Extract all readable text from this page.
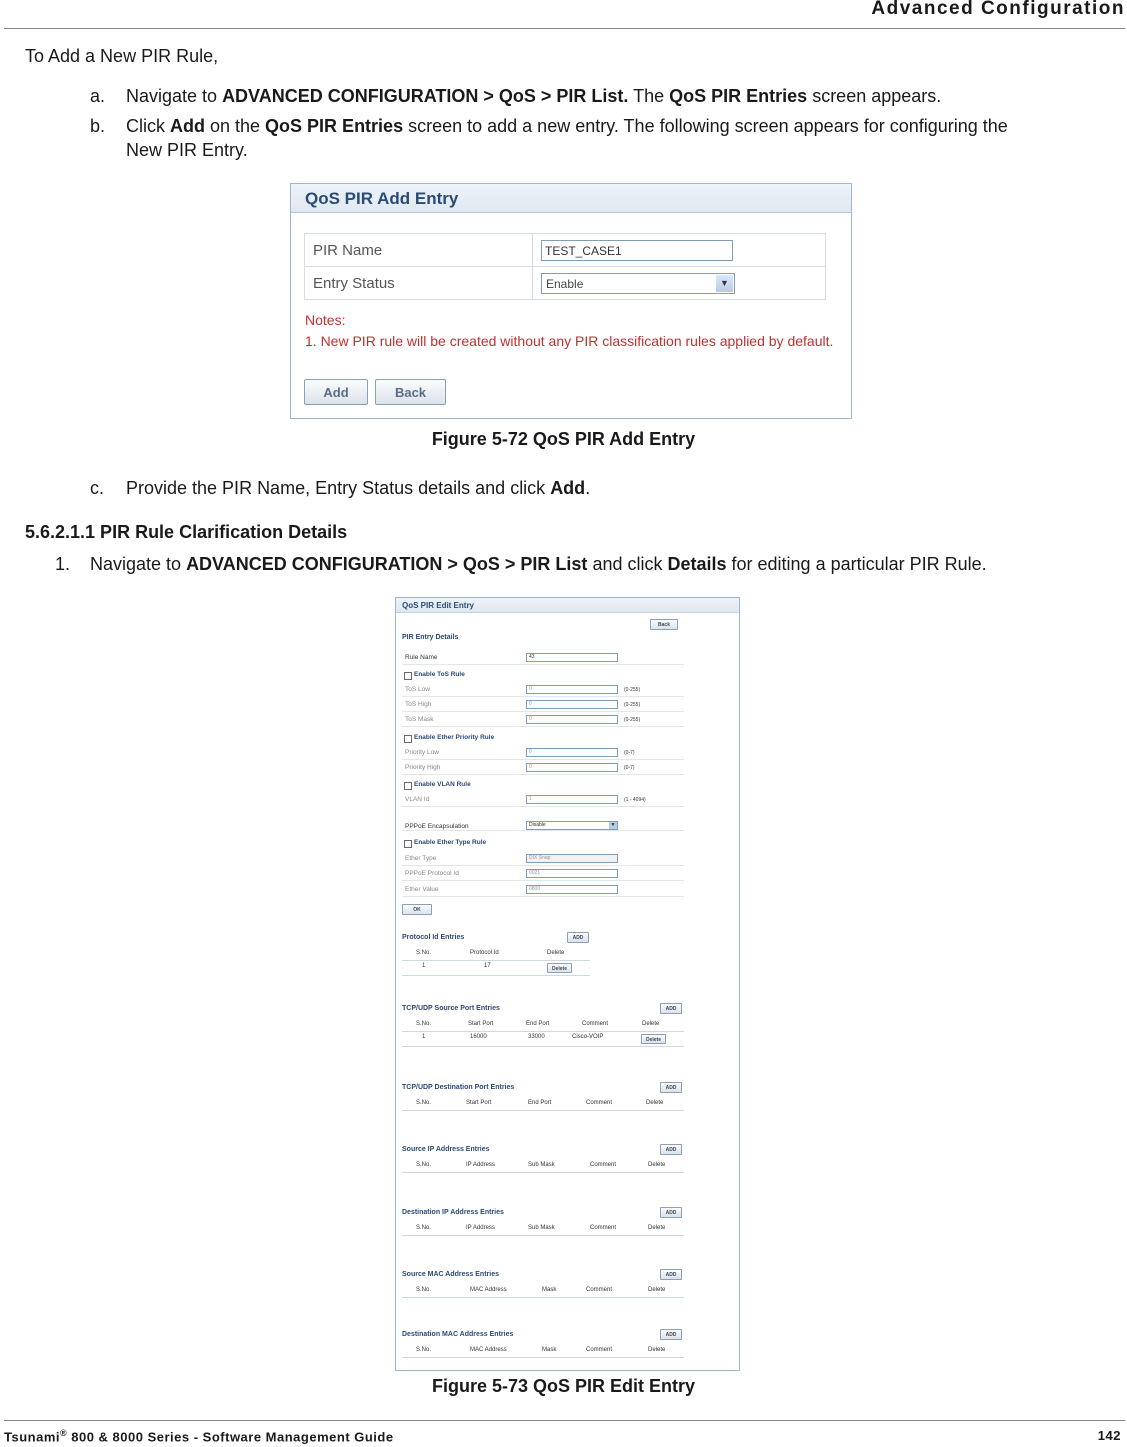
Advanced Configuration
To Add a New PIR Rule,
a. Navigate to ADVANCED CONFIGURATION > QoS > PIR List. The QoS PIR Entries screen appears.
b. Click Add on the QoS PIR Entries screen to add a new entry. The following screen appears for configuring the
New PIR Entry.
QoS PIR Add Entry
PIR Name	TEST_CASE1
Entry Status	Enable ▼
Notes:
1. New PIR rule will be created without any PIR classification rules applied by default.
Add	Back
Figure 5-72 QoS PIR Add Entry
c. Provide the PIR Name, Entry Status details and click Add.
5.6.2.1.1 PIR Rule Clarification Details
1. Navigate to ADVANCED CONFIGURATION > QoS > PIR List and click Details for editing a particular PIR Rule.
QoS PIR Edit Entry
Back
PIR Entry Details
Rule Name	43
Enable ToS Rule
ToS Low	0	(0-255)
ToS High	0	(0-255)
ToS Mask	0	(0-255)
Enable Ether Priority Rule
Priority Low	0	(0-7)
Priority High	0	(0-7)
Enable VLAN Rule
VLAN Id	1	(1 - 4094)
PPPoE Encapsulation	Disable	▼
Enable Ether Type Rule
Ether Type	DIX Snap
PPPoE Protocol Id	0021
Ether Value	0800
OK
Protocol Id Entries	ADD
S.No.	Protocol Id	Delete
1	17	Delete
TCP/UDP Source Port Entries	ADD
S.No.	Start Port	End Port	Comment	Delete
1	16000	33000	Cisco-VOIP	Delete
TCP/UDP Destination Port Entries	ADD
S.No.	Start Port	End Port	Comment	Delete
Source IP Address Entries	ADD
S.No.	IP Address	Sub Mask	Comment	Delete
Destination IP Address Entries	ADD
S.No.	IP Address	Sub Mask	Comment	Delete
Source MAC Address Entries	ADD
S.No.	MAC Address	Mask	Comment	Delete
Destination MAC Address Entries	ADD
S.No.	MAC Address	Mask	Comment	Delete
Figure 5-73 QoS PIR Edit Entry
Tsunami® 800 & 8000 Series - Software Management Guide	142
